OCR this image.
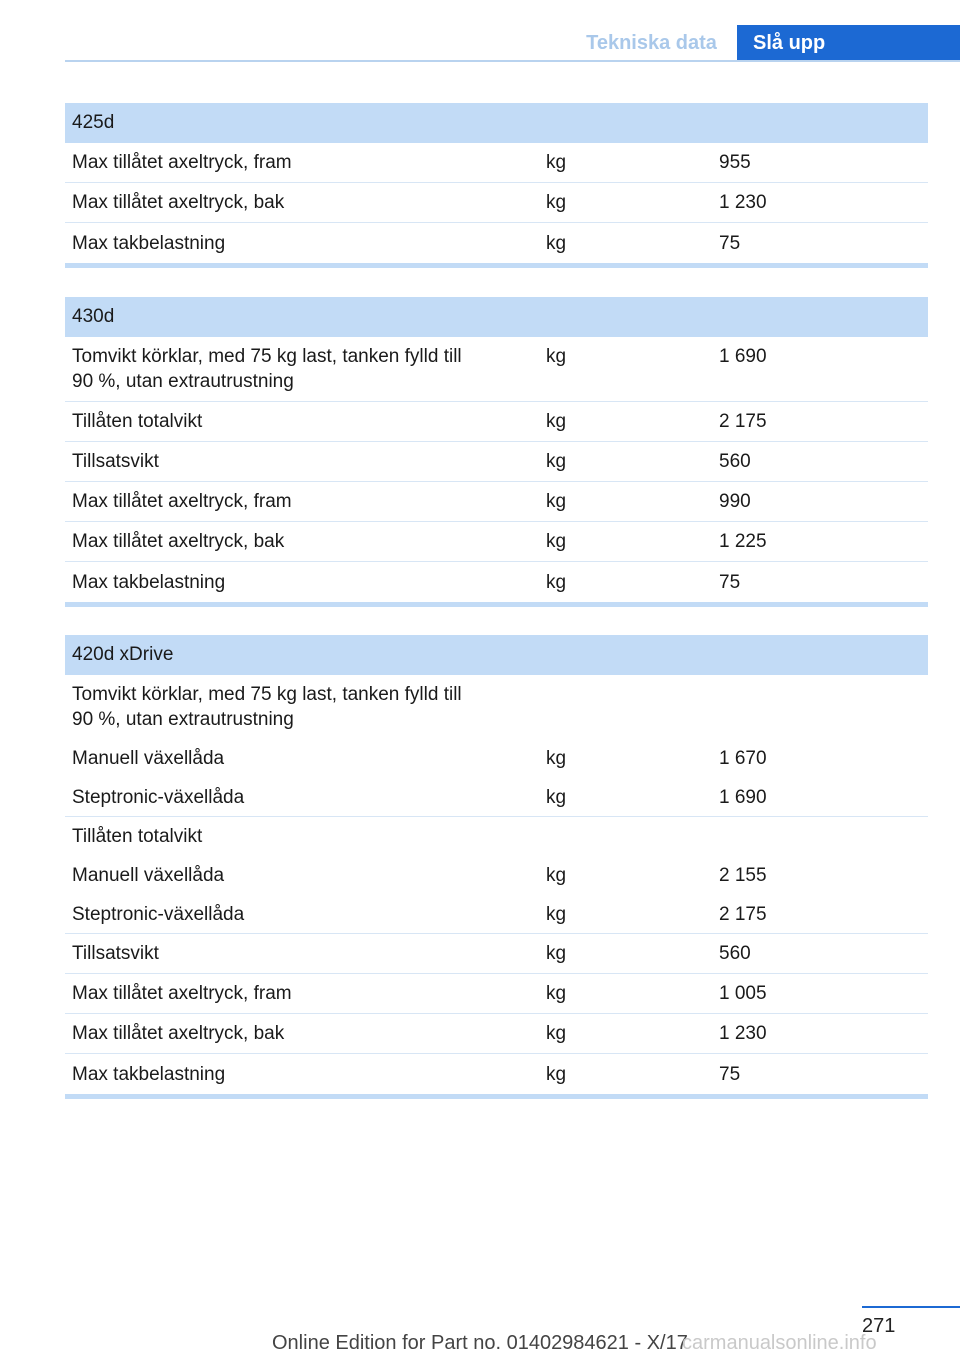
Tekniska data	Slå upp
425d
Max tillåtet axeltryck, fram	kg	955
Max tillåtet axeltryck, bak	kg	1 230
Max takbelastning	kg	75
430d
Tomvikt körklar, med 75 kg last, tanken fylld till
90 %, utan extrautrustning
kg	1 690
Tillåten totalvikt	kg	2 175
Tillsatsvikt	kg	560
Max tillåtet axeltryck, fram	kg	990
Max tillåtet axeltryck, bak	kg	1 225
Max takbelastning	kg	75
420d xDrive
Tomvikt körklar, med 75 kg last, tanken fylld till
90 %, utan extrautrustning
Manuell växellåda	kg	1 670
Steptronic-växellåda	kg	1 690
Tillåten totalvikt
Manuell växellåda	kg	2 155
Steptronic-växellåda	kg	2 175
Tillsatsvikt	kg	560
Max tillåtet axeltryck, fram	kg	1 005
Max tillåtet axeltryck, bak	kg	1 230
Max takbelastning	kg	75
271
Online Edition for Part no. 01402984621 - X/17
carmanualsonline.info
